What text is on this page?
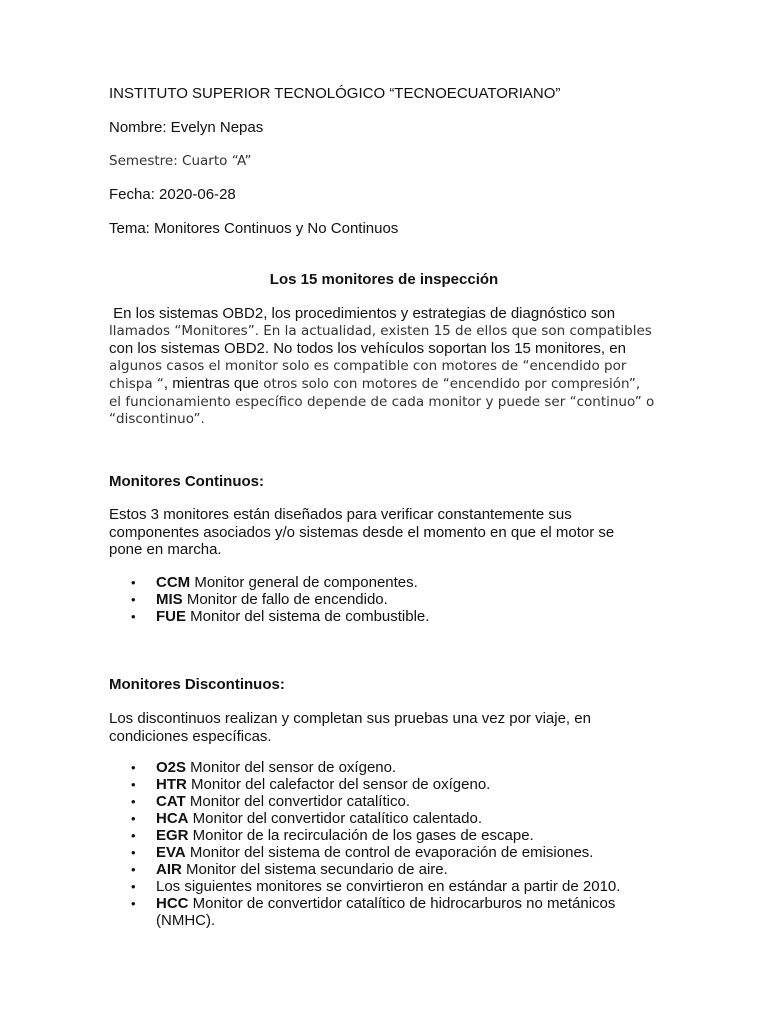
INSTITUTO SUPERIOR TECNOLÓGICO “TECNOECUATORIANO”
Nombre: Evelyn Nepas
Semestre: Cuarto “A”
Fecha: 2020-06-28
Tema: Monitores Continuos y No Continuos
Los 15 monitores de inspección
En los sistemas OBD2, los procedimientos y estrategias de diagnóstico son
llamados “Monitores”. En la actualidad, existen 15 de ellos que son compatibles
con los sistemas OBD2. No todos los vehículos soportan los 15 monitores, en
algunos casos el monitor solo es compatible con motores de “encendido por
chispa “, mientras que otros solo con motores de “encendido por compresión”,
el funcionamiento específico depende de cada monitor y puede ser “continuo” o
“discontinuo”.
Monitores Continuos:
Estos 3 monitores están diseñados para verificar constantemente sus
componentes asociados y/o sistemas desde el momento en que el motor se
pone en marcha.
• CCM Monitor general de componentes.
• MIS Monitor de fallo de encendido.
• FUE Monitor del sistema de combustible.
Monitores Discontinuos:
Los discontinuos realizan y completan sus pruebas una vez por viaje, en
condiciones específicas.
• O2S Monitor del sensor de oxígeno.
• HTR Monitor del calefactor del sensor de oxígeno.
• CAT Monitor del convertidor catalítico.
• HCA Monitor del convertidor catalítico calentado.
• EGR Monitor de la recirculación de los gases de escape.
• EVA Monitor del sistema de control de evaporación de emisiones.
• AIR Monitor del sistema secundario de aire.
• Los siguientes monitores se convirtieron en estándar a partir de 2010.
• HCC Monitor de convertidor catalítico de hidrocarburos no metánicos (NMHC).
